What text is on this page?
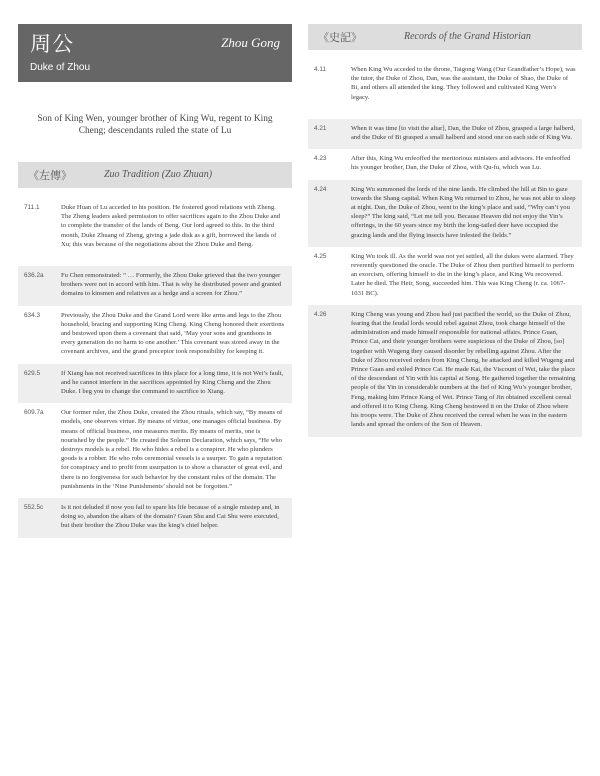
周公	Zhou Gong
Duke of Zhou
Son of King Wen, younger brother of King Wu, regent to King Cheng; descendants ruled the state of Lu
《左傳》	Zuo Tradition (Zuo Zhuan)
711.1	Duke Huan of Lu acceded to his position. He fostered good relations with Zheng. The Zheng leaders asked permission to offer sacrifices again to the Zhou Duke and to complete the transfer of the lands of Beng. Our lord agreed to this. In the third month, Duke Zhuang of Zheng, giving a jade disk as a gift, borrowed the lands of Xu; this was because of the negotiations about the Zhou Duke and Beng.
636.2a	Fu Chen remonstrated: “ … Formerly, the Zhou Duke grieved that the two younger brothers were not in accord with him. That is why he distributed power and granted domains to kinsmen and relatives as a hedge and a screen for Zhou.”
634.3	Previously, the Zhou Duke and the Grand Lord were like arms and legs to the Zhou household, bracing and supporting King Cheng. King Cheng honored their exertions and bestowed upon them a covenant that said, ‘May your sons and grandsons in every generation do no harm to one another.’ This covenant was stored away in the covenant archives, and the grand preceptor took responsibility for keeping it.
629.5	If Xiang has not received sacrifices in this place for a long time, it is not Wei’s fault, and he cannot interfere in the sacrifices appointed by King Cheng and the Zhou Duke. I beg you to change the command to sacrifice to Xiang.
609.7a	Our former ruler, the Zhou Duke, created the Zhou rituals, which say, “By means of models, one observes virtue. By means of virtue, one manages official business. By means of official business, one measures merits. By means of merits, one is nourished by the people.” He created the Solemn Declaration, which says, “He who destroys models is a rebel. He who hides a rebel is a conspirer. He who plunders goods is a robber. He who robs ceremonial vessels is a usurper. To gain a reputation for conspiracy and to profit from usurpation is to show a character of great evil, and there is no forgiveness for such behavior by the constant rules of the domain. The punishments in the ‘Nine Punishments’ should not be forgotten.”
552.5c	Is it not deluded if now you fail to spare his life because of a single misstep and, in doing so, abandon the altars of the domain? Guan Shu and Cai Shu were executed, but their brother the Zhou Duke was the king’s chief helper.
《史記》	Records of the Grand Historian
4.11	When King Wu acceded to the throne, Taigong Wang (Our Grandfather’s Hope), was the tutor, the Duke of Zhou, Dan, was the assistant, the Duke of Shao, the Duke of Bi, and others all attended the king. They followed and cultivated King Wen’s legacy.
4.21	When it was time [to visit the altar], Dan, the Duke of Zhou, grasped a large halberd, and the Duke of Bi grasped a small halberd and stood one on each side of King Wu.
4.23	After this, King Wu enfeoffed the meritorious ministers and advisors. He enfeoffed his younger brother, Dan, the Duke of Zhou, with Qu-fu, which was Lu.
4.24	King Wu summoned the lords of the nine lands. He climbed the hill at Bin to gaze towards the Shang capital. When King Wu returned to Zhou, he was not able to sleep at night. Dan, the Duke of Zhou, went to the king’s place and said, “Why can’t you sleep?” The king said, “Let me tell you. Because Heaven did not enjoy the Yin’s offerings, in the 60 years since my birth the long-tailed deer have occupied the grazing lands and the flying insects have infested the fields.”
4.25	King Wu took ill. As the world was not yet settled, all the dukes were alarmed. They reverently questioned the oracle. The Duke of Zhou then purified himself to perform an exorcism, offering himself to die in the king’s place, and King Wu recovered. Later he died. The Heir, Song, succeeded him. This was King Cheng (r. ca. 1067-1031 BC).
4.26	King Cheng was young and Zhou had just pacified the world, so the Duke of Zhou, fearing that the feudal lords would rebel against Zhou, took charge himself of the administration and made himself responsible for national affairs. Prince Guan, Prince Cai, and their younger brothers were suspicious of the Duke of Zhou, [so] together with Wugeng they caused disorder by rebelling against Zhou. After the Duke of Zhou received orders from King Cheng, he attacked and killed Wugeng and Prince Guan and exiled Prince Cai. He made Kai, the Viscount of Wei, take the place of the descendant of Yin with his capital at Song. He gathered together the remaining people of the Yin in considerable numbers at the fief of King Wu’s younger brother, Feng, making him Prince Kang of Wei. Prince Tang of Jin obtained excellent cereal and offered it to King Cheng. King Cheng bestowed it on the Duke of Zhou where his troops were. The Duke of Zhou received the cereal when he was in the eastern lands and spread the orders of the Son of Heaven.
